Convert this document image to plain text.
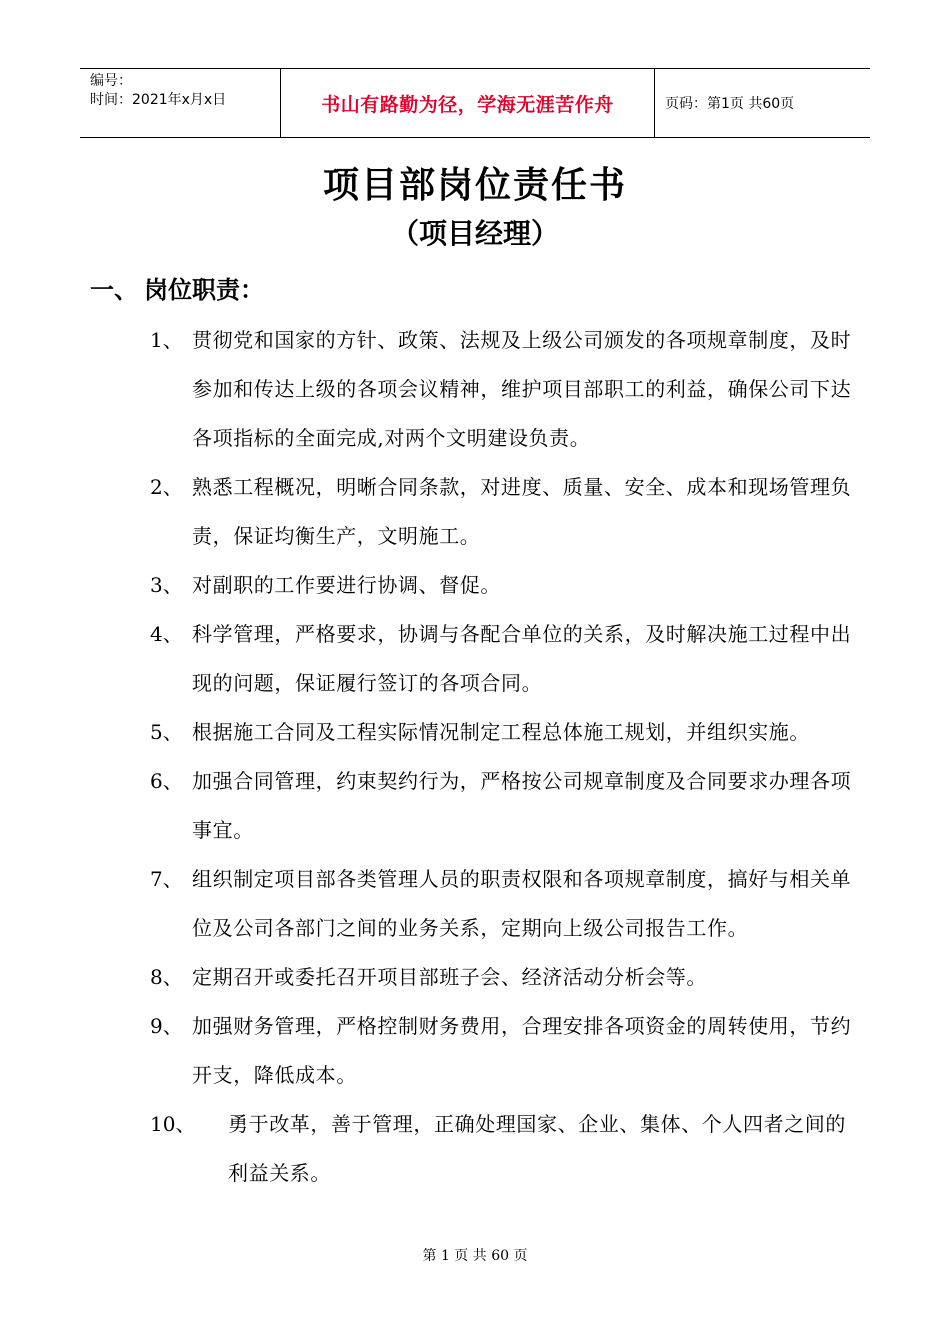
编号：
时间：2021年x月x日	书山有路勤为径，学海无涯苦作舟	页码：第1页 共60页
项目部岗位责任书
（项目经理）
一、 岗位职责：
1、 贯彻党和国家的方针、政策、法规及上级公司颁发的各项规章制度，及时参加和传达上级的各项会议精神，维护项目部职工的利益，确保公司下达各项指标的全面完成,对两个文明建设负责。
2、 熟悉工程概况，明晰合同条款，对进度、质量、安全、成本和现场管理负责，保证均衡生产，文明施工。
3、 对副职的工作要进行协调、督促。
4、 科学管理，严格要求，协调与各配合单位的关系，及时解决施工过程中出现的问题，保证履行签订的各项合同。
5、 根据施工合同及工程实际情况制定工程总体施工规划，并组织实施。
6、 加强合同管理，约束契约行为，严格按公司规章制度及合同要求办理各项事宜。
7、 组织制定项目部各类管理人员的职责权限和各项规章制度，搞好与相关单位及公司各部门之间的业务关系，定期向上级公司报告工作。
8、 定期召开或委托召开项目部班子会、经济活动分析会等。
9、 加强财务管理，严格控制财务费用，合理安排各项资金的周转使用，节约开支，降低成本。
10、	勇于改革，善于管理，正确处理国家、企业、集体、个人四者之间的利益关系。
第 1 页 共 60 页
